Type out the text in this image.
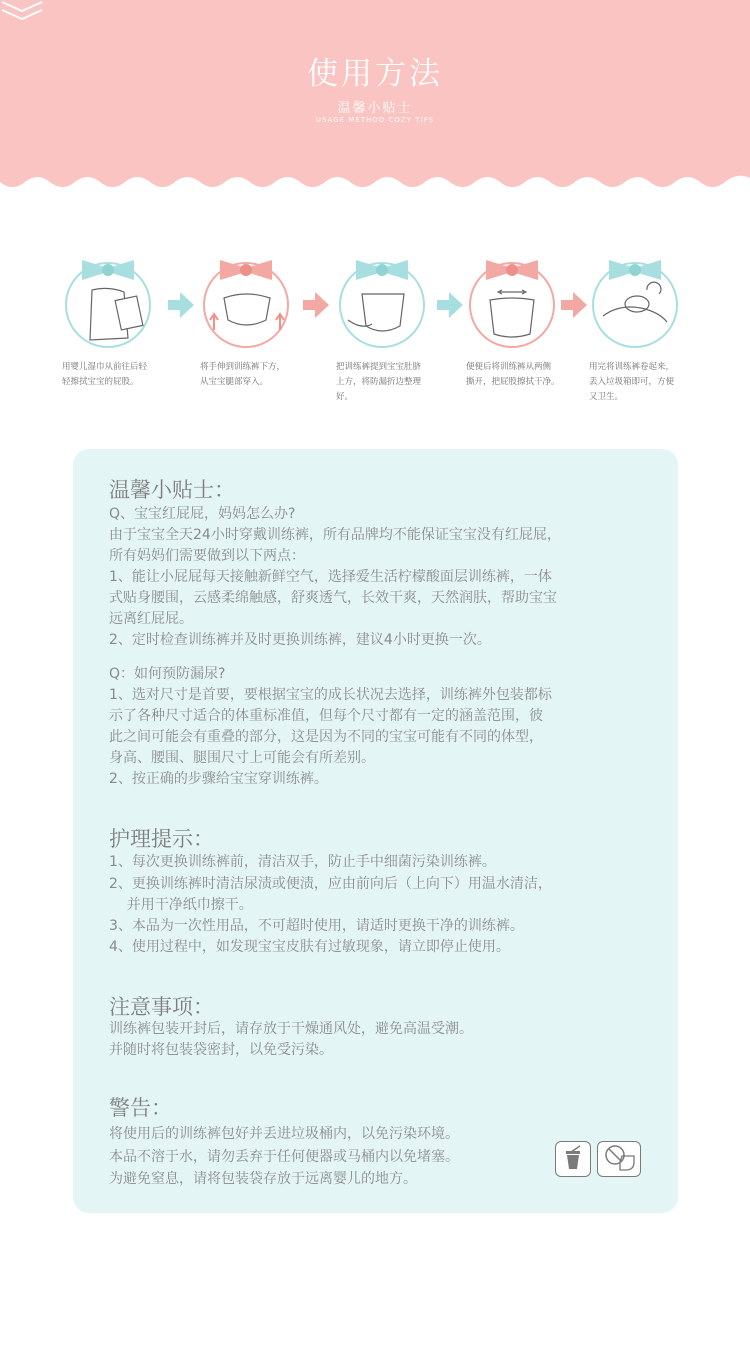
使用方法
温馨小贴士
USAGE METHOD COZY TIPS
用婴儿湿巾从前往后轻
轻擦拭宝宝的屁股。
将手伸到训练裤下方，
从宝宝腿部穿入。
把训练裤提到宝宝肚脐
上方，将防漏折边整理
好。
便便后将训练裤从两侧
撕开，把屁股擦拭干净。
用完将训练裤卷起来，
丢入垃圾箱即可，方便
又卫生。
温馨小贴士：
Q、宝宝红屁屁，妈妈怎么办?
由于宝宝全天24小时穿戴训练裤，所有品牌均不能保证宝宝没有红屁屁，
所有妈妈们需要做到以下两点：
1、能让小屁屁每天接触新鲜空气，选择爱生活柠檬酸面层训练裤，一体
式贴身腰围，云感柔绵触感，舒爽透气，长效干爽，天然润肤，帮助宝宝
远离红屁屁。
2、定时检查训练裤并及时更换训练裤，建议4小时更换一次。
Q：如何预防漏尿?
1、选对尺寸是首要，要根据宝宝的成长状况去选择，训练裤外包装都标
示了各种尺寸适合的体重标准值，但每个尺寸都有一定的涵盖范围，彼
此之间可能会有重叠的部分，这是因为不同的宝宝可能有不同的体型，
身高、腰围、腿围尺寸上可能会有所差别。
2、按正确的步骤给宝宝穿训练裤。
护理提示：
1、每次更换训练裤前，清洁双手，防止手中细菌污染训练裤。
2、更换训练裤时清洁尿渍或便渍，应由前向后（上向下）用温水清洁，
并用干净纸巾擦干。
3、本品为一次性用品，不可超时使用，请适时更换干净的训练裤。
4、使用过程中，如发现宝宝皮肤有过敏现象，请立即停止使用。
注意事项：
训练裤包装开封后，请存放于干燥通风处，避免高温受潮。
并随时将包装袋密封，以免受污染。
警告：
将使用后的训练裤包好并丢进垃圾桶内，以免污染环境。
本品不溶于水，请勿丢弃于任何便器或马桶内以免堵塞。
为避免窒息，请将包装袋存放于远离婴儿的地方。
